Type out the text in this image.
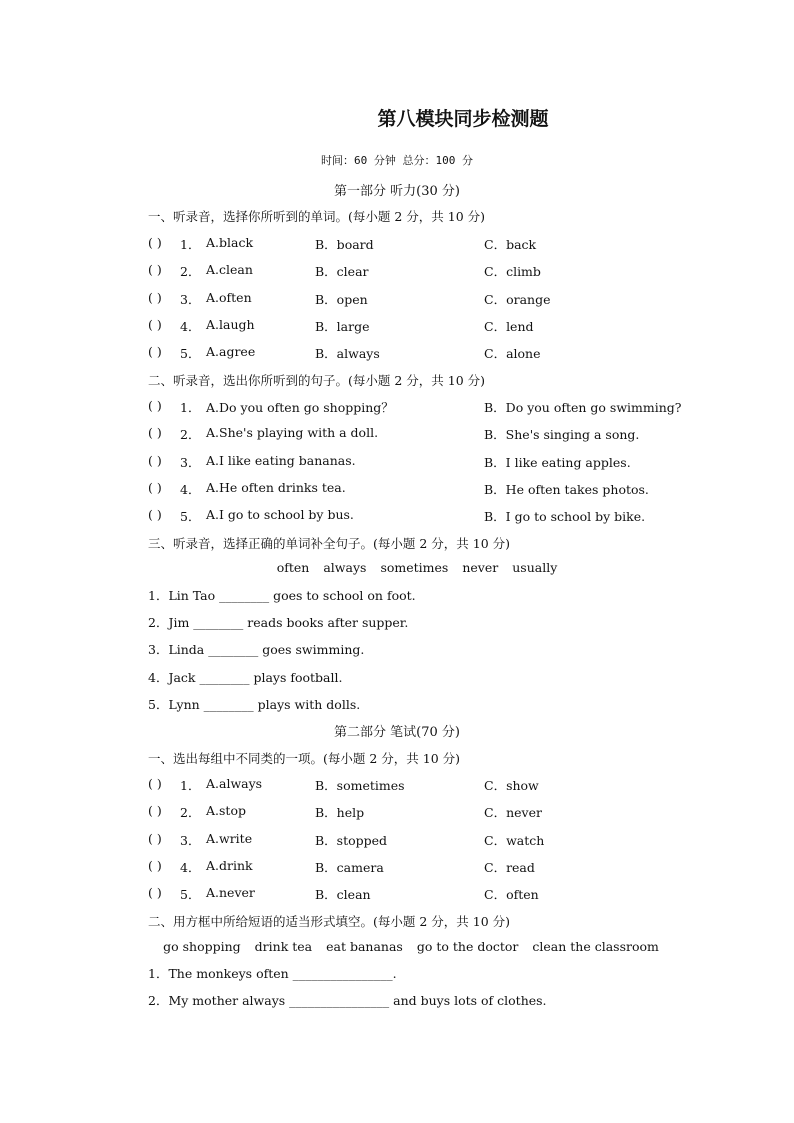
第八模块同步检测题
时间：60 分钟 总分：100 分
第一部分 听力(30 分)
一、听录音，选择你所听到的单词。(每小题 2 分，共 10 分)
( ) 1． A.black	B．board	C．back
( ) 2． A.clean	B．clear	C．climb
( ) 3． A.often	B．open	C．orange
( ) 4． A.laugh	B．large	C．lend
( ) 5． A.agree	B．always	C．alone
二、听录音，选出你所听到的句子。(每小题 2 分，共 10 分)
( ) 1． A.Do you often go shopping？	B．Do you often go swimming?
( ) 2． A.She's playing with a doll.	B．She's singing a song.
( ) 3． A.I like eating bananas.	B．I like eating apples.
( ) 4． A.He often drinks tea.	B．He often takes photos.
( ) 5． A.I go to school by bus.	B．I go to school by bike.
三、听录音，选择正确的单词补全句子。(每小题 2 分，共 10 分)
often always sometimes never usually
1．Lin Tao ________ goes to school on foot.
2．Jim ________ reads books after supper.
3．Linda ________ goes swimming.
4．Jack ________ plays football.
5．Lynn ________ plays with dolls.
第二部分 笔试(70 分)
一、选出每组中不同类的一项。(每小题 2 分，共 10 分)
( ) 1． A.always	B．sometimes	C．show
( ) 2． A.stop	B．help	C．never
( ) 3． A.write	B．stopped	C．watch
( ) 4． A.drink	B．camera	C．read
( ) 5． A.never	B．clean	C．often
二、用方框中所给短语的适当形式填空。(每小题 2 分，共 10 分)
go shopping drink tea eat bananas go to the doctor clean the classroom
1．The monkeys often ________________.
2．My mother always ________________ and buys lots of clothes.
